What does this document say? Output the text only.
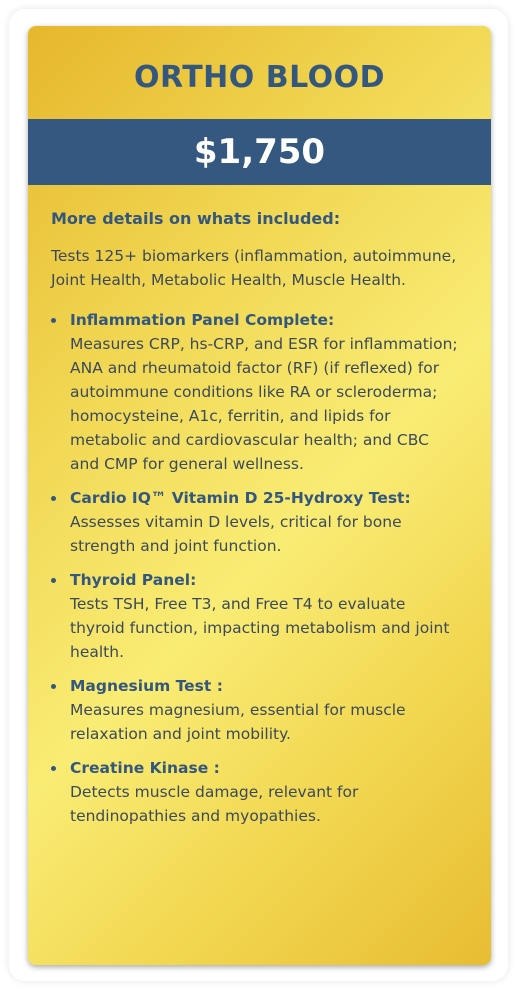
ORTHO BLOOD
$1,750

More details on whats included:

Tests 125+ biomarkers (inflammation, autoimmune, Joint Health, Metabolic Health, Muscle Health.

Inflammation Panel Complete:
Measures CRP, hs-CRP, and ESR for inflammation; ANA and rheumatoid factor (RF) (if reflexed) for autoimmune conditions like RA or scleroderma; homocysteine, A1c, ferritin, and lipids for metabolic and cardiovascular health; and CBC and CMP for general wellness.
Cardio IQ™ Vitamin D 25-Hydroxy Test:
Assesses vitamin D levels, critical for bone strength and joint function.
Thyroid Panel:
Tests TSH, Free T3, and Free T4 to evaluate thyroid function, impacting metabolism and joint health.
Magnesium Test :
Measures magnesium, essential for muscle relaxation and joint mobility.
Creatine Kinase :
Detects muscle damage, relevant for tendinopathies and myopathies.
